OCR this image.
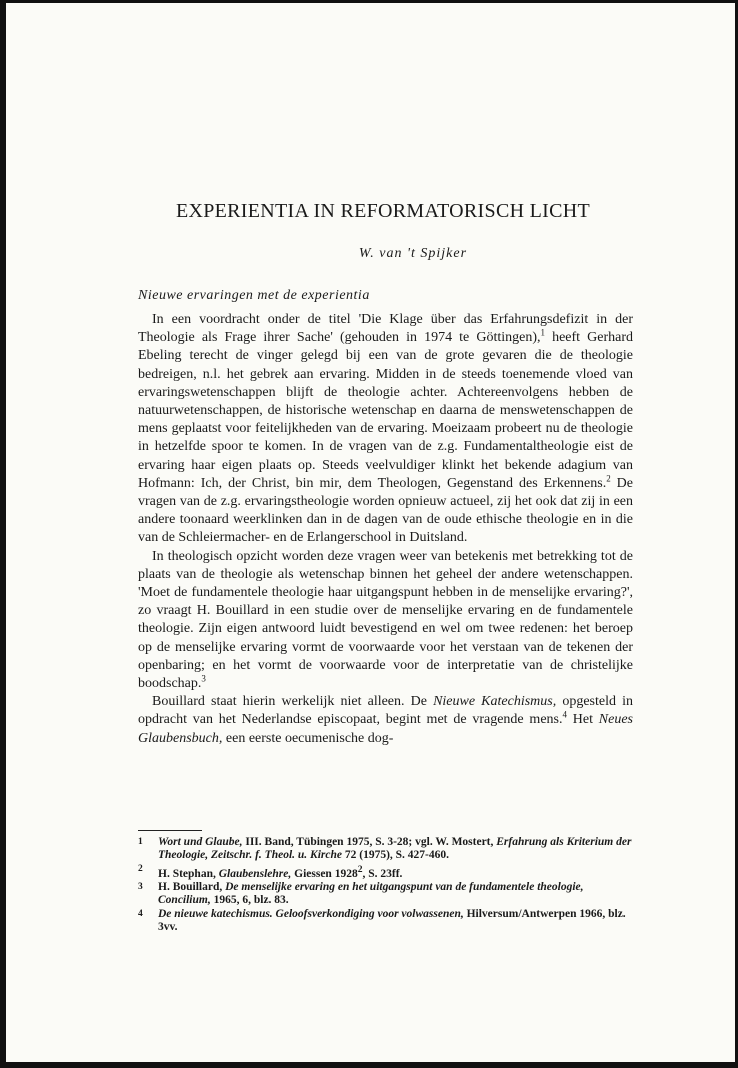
EXPERIENTIA IN REFORMATORISCH LICHT
W. van 't Spijker
Nieuwe ervaringen met de experientia

In een voordracht onder de titel 'Die Klage über das Erfahrungsdefizit in der Theologie als Frage ihrer Sache' (gehouden in 1974 te Göttingen),$^1$ heeft Gerhard Ebeling terecht de vinger gelegd bij een van de grote gevaren die de theologie bedreigen, n.l. het gebrek aan ervaring. Midden in de steeds toenemende vloed van ervaringswetenschappen blijft de theologie achter. Achtereenvolgens hebben de natuurwetenschappen, de historische wetenschap en daarna de menswetenschappen de mens geplaatst voor feitelijkheden van de ervaring. Moeizaam probeert nu de theologie in hetzelfde spoor te komen. In de vragen van de z.g. Fundamentaltheologie eist de ervaring haar eigen plaats op. Steeds veelvuldiger klinkt het bekende adagium van Hofmann: Ich, der Christ, bin mir, dem Theologen, Gegenstand des Erkennens.$^2$ De vragen van de z.g. ervaringstheologie worden opnieuw actueel, zij het ook dat zij in een andere toonaard weerklinken dan in de dagen van de oude ethische theologie en in die van de Schleiermacher- en de Erlangerschool in Duitsland.

In theologisch opzicht worden deze vragen weer van betekenis met betrekking tot de plaats van de theologie als wetenschap binnen het geheel der andere wetenschappen. 'Moet de fundamentele theologie haar uitgangspunt hebben in de menselijke ervaring?', zo vraagt H. Bouillard in een studie over de menselijke ervaring en de fundamentele theologie. Zijn eigen antwoord luidt bevestigend en wel om twee redenen: het beroep op de menselijke ervaring vormt de voorwaarde voor het verstaan van de tekenen der openbaring; en het vormt de voorwaarde voor de interpretatie van de christelijke boodschap.$^3$

Bouillard staat hierin werkelijk niet alleen. De Nieuwe Katechismus, opgesteld in opdracht van het Nederlandse episcopaat, begint met de vragende mens.$^4$ Het Neues Glaubensbuch, een eerste oecumenische dog-

1	Wort und Glaube, III. Band, Tübingen 1975, S. 3-28; vgl. W. Mostert, Erfahrung als Kriterium der Theologie, Zeitschr. f. Theol. u. Kirche 72 (1975), S. 427-460.
2	H. Stephan, Glaubenslehre, Giessen 1928$^2$, S. 23ff.
3	H. Bouillard, De menselijke ervaring en het uitgangspunt van de fundamentele theologie, Concilium, 1965, 6, blz. 83.
4	De nieuwe katechismus. Geloofsverkondiging voor volwassenen, Hilversum/Antwerpen 1966, blz. 3vv.
